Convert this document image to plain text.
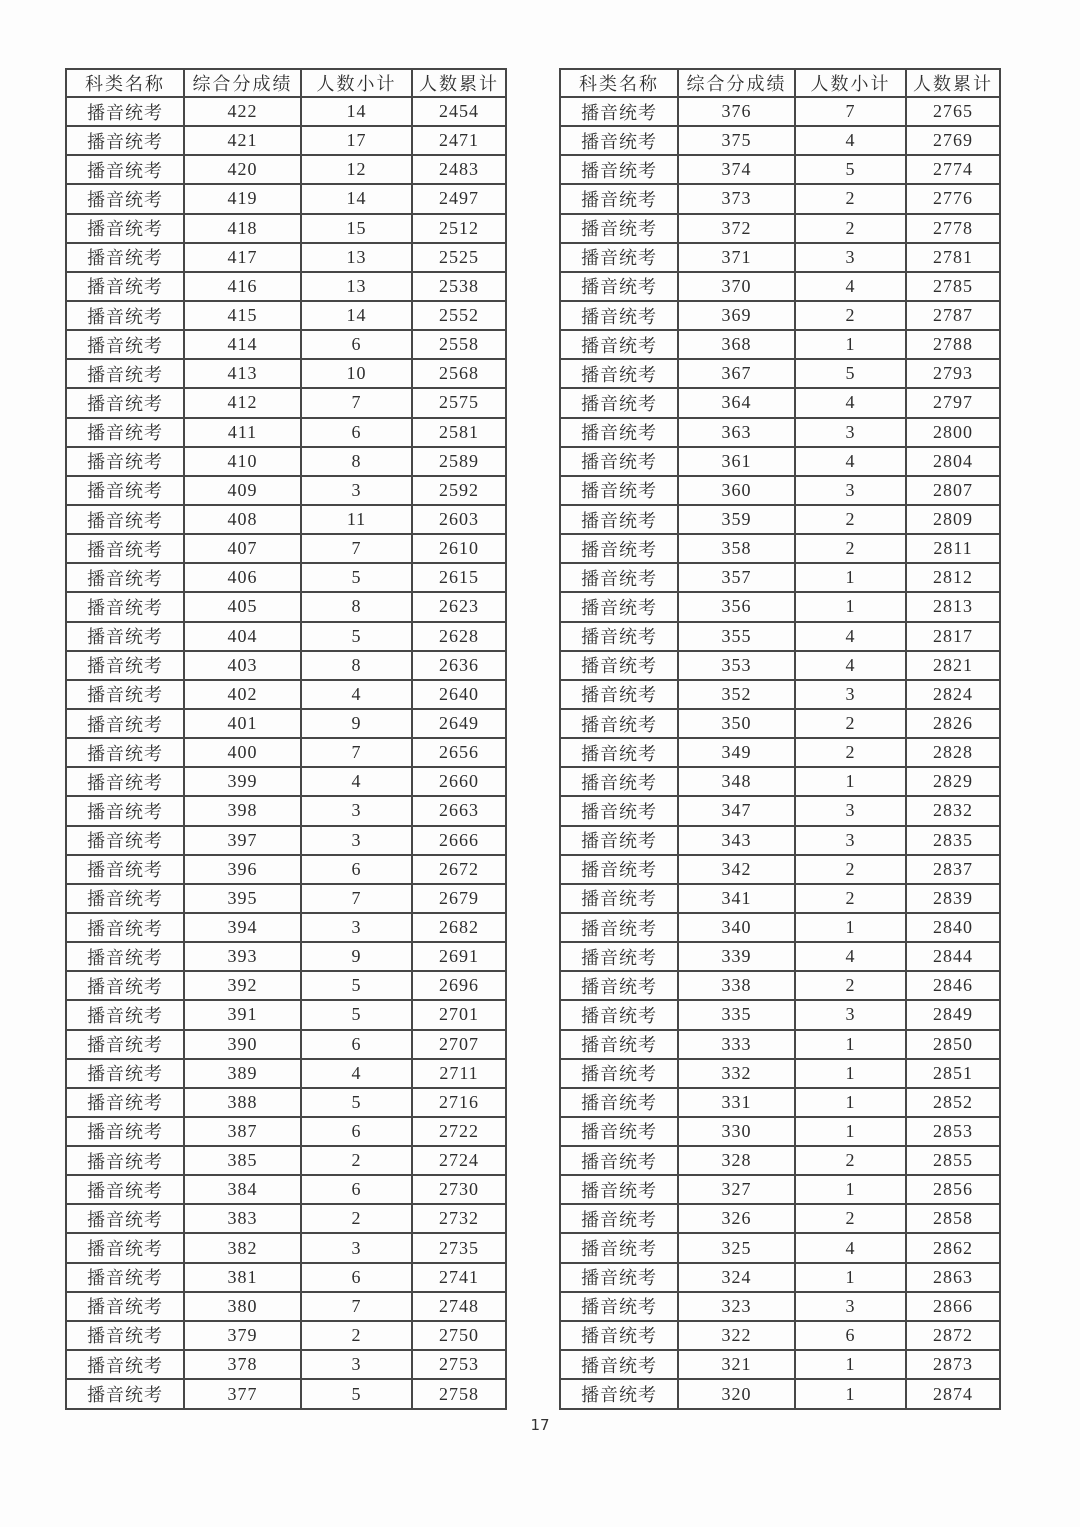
科类名称	综合分成绩	人数小计	人数累计
播音统考	422	14	2454
播音统考	421	17	2471
播音统考	420	12	2483
播音统考	419	14	2497
播音统考	418	15	2512
播音统考	417	13	2525
播音统考	416	13	2538
播音统考	415	14	2552
播音统考	414	6	2558
播音统考	413	10	2568
播音统考	412	7	2575
播音统考	411	6	2581
播音统考	410	8	2589
播音统考	409	3	2592
播音统考	408	11	2603
播音统考	407	7	2610
播音统考	406	5	2615
播音统考	405	8	2623
播音统考	404	5	2628
播音统考	403	8	2636
播音统考	402	4	2640
播音统考	401	9	2649
播音统考	400	7	2656
播音统考	399	4	2660
播音统考	398	3	2663
播音统考	397	3	2666
播音统考	396	6	2672
播音统考	395	7	2679
播音统考	394	3	2682
播音统考	393	9	2691
播音统考	392	5	2696
播音统考	391	5	2701
播音统考	390	6	2707
播音统考	389	4	2711
播音统考	388	5	2716
播音统考	387	6	2722
播音统考	385	2	2724
播音统考	384	6	2730
播音统考	383	2	2732
播音统考	382	3	2735
播音统考	381	6	2741
播音统考	380	7	2748
播音统考	379	2	2750
播音统考	378	3	2753
播音统考	377	5	2758
科类名称	综合分成绩	人数小计	人数累计
播音统考	376	7	2765
播音统考	375	4	2769
播音统考	374	5	2774
播音统考	373	2	2776
播音统考	372	2	2778
播音统考	371	3	2781
播音统考	370	4	2785
播音统考	369	2	2787
播音统考	368	1	2788
播音统考	367	5	2793
播音统考	364	4	2797
播音统考	363	3	2800
播音统考	361	4	2804
播音统考	360	3	2807
播音统考	359	2	2809
播音统考	358	2	2811
播音统考	357	1	2812
播音统考	356	1	2813
播音统考	355	4	2817
播音统考	353	4	2821
播音统考	352	3	2824
播音统考	350	2	2826
播音统考	349	2	2828
播音统考	348	1	2829
播音统考	347	3	2832
播音统考	343	3	2835
播音统考	342	2	2837
播音统考	341	2	2839
播音统考	340	1	2840
播音统考	339	4	2844
播音统考	338	2	2846
播音统考	335	3	2849
播音统考	333	1	2850
播音统考	332	1	2851
播音统考	331	1	2852
播音统考	330	1	2853
播音统考	328	2	2855
播音统考	327	1	2856
播音统考	326	2	2858
播音统考	325	4	2862
播音统考	324	1	2863
播音统考	323	3	2866
播音统考	322	6	2872
播音统考	321	1	2873
播音统考	320	1	2874
17
